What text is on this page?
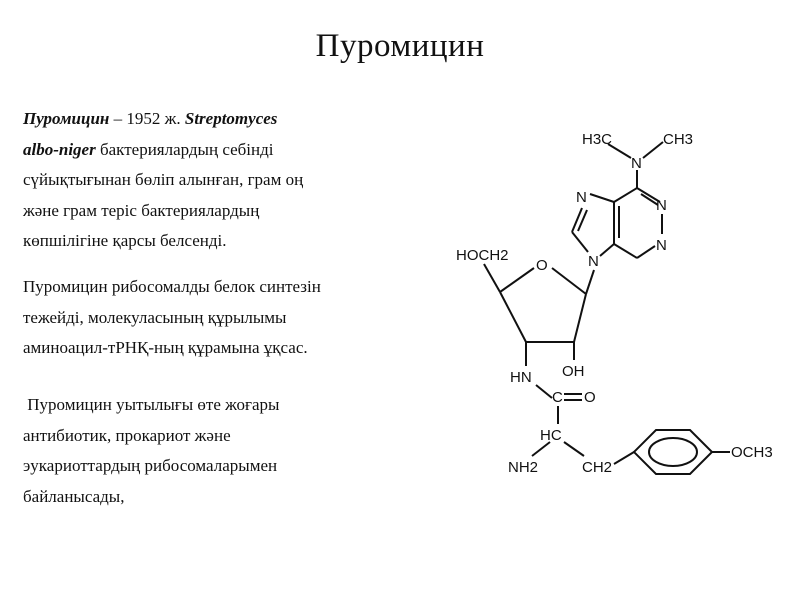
Пуромицин
Пуромицин – 1952 ж. Streptomyces
albo-niger бактериялардың себінді
сүйықтығынан бөліп алынған, грам оң
және грам теріс бактериялардың
көпшілігіне қарсы белсенді.
Пуромицин рибосомалды белок синтезін
тежейді, молекуласының құрылымы
аминоацил-тРНҚ-ның құрамына ұқсас.
Пуромицин уытылығы өте жоғары
антибиотик, прокариот және
эукариоттардың рибосомаларымен
байланысады,
H3C	CH3
N
N
N
N
N
O
HOCH2
OH
HN
C O
HC
NH2	CH2
OCH3
